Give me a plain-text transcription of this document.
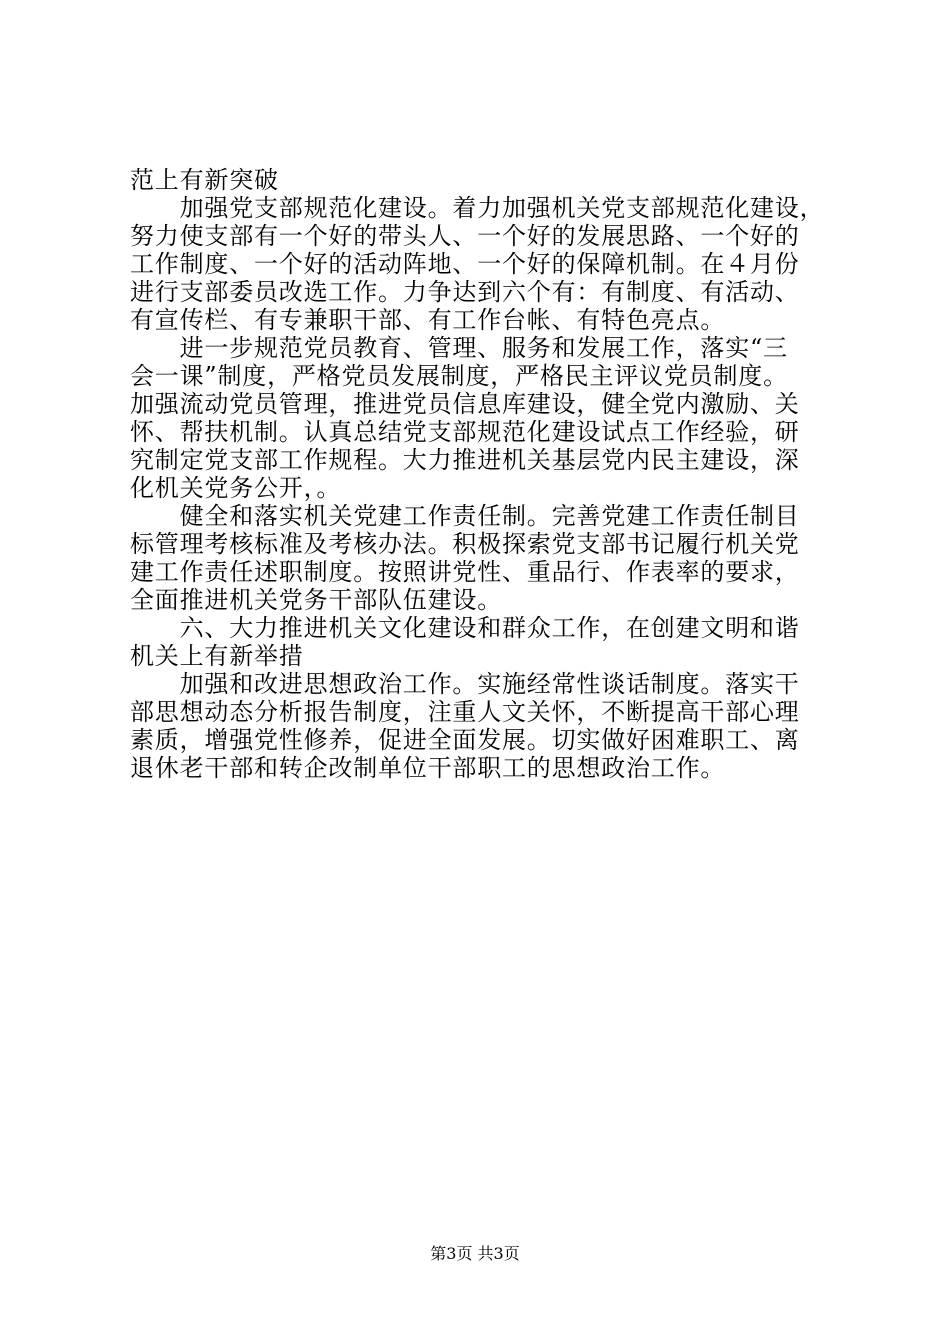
范上有新突破
　　加强党支部规范化建设。着力加强机关党支部规范化建设，
努力使支部有一个好的带头人、一个好的发展思路、一个好的
工作制度、一个好的活动阵地、一个好的保障机制。在４月份
进行支部委员改选工作。力争达到六个有：有制度、有活动、
有宣传栏、有专兼职干部、有工作台帐、有特色亮点。
　　进一步规范党员教育、管理、服务和发展工作，落实“三
会一课”制度，严格党员发展制度，严格民主评议党员制度。
加强流动党员管理，推进党员信息库建设，健全党内激励、关
怀、帮扶机制。认真总结党支部规范化建设试点工作经验，研
究制定党支部工作规程。大力推进机关基层党内民主建设，深
化机关党务公开，。
　　健全和落实机关党建工作责任制。完善党建工作责任制目
标管理考核标准及考核办法。积极探索党支部书记履行机关党
建工作责任述职制度。按照讲党性、重品行、作表率的要求，
全面推进机关党务干部队伍建设。
　　六、大力推进机关文化建设和群众工作，在创建文明和谐
机关上有新举措
　　加强和改进思想政治工作。实施经常性谈话制度。落实干
部思想动态分析报告制度，注重人文关怀，不断提高干部心理
素质，增强党性修养，促进全面发展。切实做好困难职工、离
退休老干部和转企改制单位干部职工的思想政治工作。
第3页 共3页
